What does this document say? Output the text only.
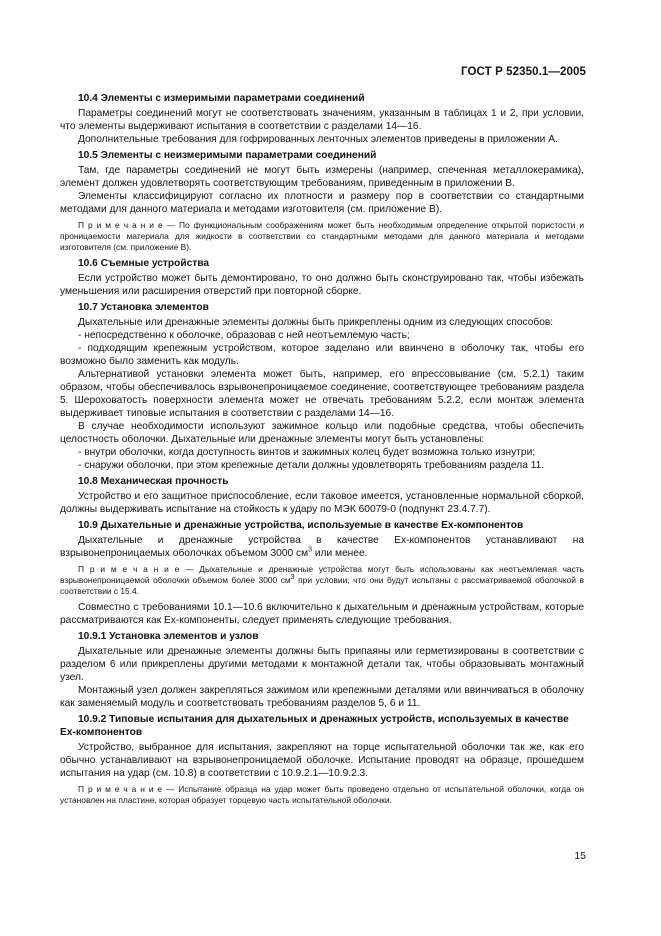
ГОСТ Р 52350.1—2005
10.4 Элементы с измеримыми параметрами соединений

Параметры соединений могут не соответствовать значениям, указанным в таблицах 1 и 2, при условии, что элементы выдерживают испытания в соответствии с разделами 14—16.

Дополнительные требования для гофрированных ленточных элементов приведены в приложении А.

10.5 Элементы с неизмеримыми параметрами соединений

Там, где параметры соединений не могут быть измерены (например, спеченная металлокерамика), элемент должен удовлетворять соответствующим требованиям, приведенным в приложении В.

Элементы классифицируют согласно их плотности и размеру пор в соответствии со стандартными методами для данного материала и методами изготовителя (см. приложение В).

П р и м е ч а н и е — По функциональным соображениям может быть необходимым определение открытой пористости и проницаемости материала для жидкости в соответствии со стандартными методами для данного материала и методами изготовителя (см. приложение В).
10.6 Съемные устройства

Если устройство может быть демонтировано, то оно должно быть сконструировано так, чтобы избежать уменьшения или расширения отверстий при повторной сборке.

10.7 Установка элементов

Дыхательные или дренажные элементы должны быть прикреплены одним из следующих способов:

- непосредственно к оболочке, образовав с ней неотъемлемую часть;

- подходящим крепежным устройством, которое заделано или ввинчено в оболочку так, чтобы его возможно было заменить как модуль.

Альтернативой установки элемента может быть, например, его впрессовывание (см. 5.2.1) таким образом, чтобы обеспечивалось взрывонепроницаемое соединение, соответствующее требованиям раздела 5. Шероховатость поверхности элемента может не отвечать требованиям 5.2.2, если монтаж элемента выдерживает типовые испытания в соответствии с разделами 14—16.

В случае необходимости используют зажимное кольцо или подобные средства, чтобы обеспечить целостность оболочки. Дыхательные или дренажные элементы могут быть установлены:

- внутри оболочки, когда доступность винтов и зажимных колец будет возможна только изнутри;

- снаружи оболочки, при этом крепежные детали должны удовлетворять требованиям раздела 11.

10.8 Механическая прочность

Устройство и его защитное приспособление, если таковое имеется, установленные нормальной сборкой, должны выдерживать испытание на стойкость к удару по МЭК 60079-0 (подпункт 23.4.7.7).

10.9 Дыхательные и дренажные устройства, используемые в качестве Ex-компонентов

Дыхательные и дренажные устройства в качестве Ex-компонентов устанавливают на взрывонепроницаемых оболочках объемом 3000 $см^3$ или менее.

П р и м е ч а н и е — Дыхательные и дренажные устройства могут быть использованы как неотъемлемая часть взрывонепроницаемой оболочки объемом более 3000 $см^3$ при условии, что они будут испытаны с рассматриваемой оболочкой в соответствии с 15.4.

Совместно с требованиями 10.1—10.6 включительно к дыхательным и дренажным устройствам, которые рассматриваются как Ex-компоненты, следует применять следующие требования.

10.9.1 Установка элементов и узлов

Дыхательные или дренажные элементы должны быть припаяны или герметизированы в соответствии с разделом 6 или прикреплены другими методами к монтажной детали так, чтобы образовывать монтажный узел.

Монтажный узел должен закрепляться зажимом или крепежными деталями или ввинчиваться в оболочку как заменяемый модуль и соответствовать требованиям разделов 5, 6 и 11.

10.9.2 Типовые испытания для дыхательных и дренажных устройств, используемых в качестве Ex-компонентов

Устройство, выбранное для испытания, закрепляют на торце испытательной оболочки так же, как его обычно устанавливают на взрывонепроницаемой оболочке. Испытание проводят на образце, прошедшем испытания на удар (см. 10.8) в соответствии с 10.9.2.1—10.9.2.3.

П р и м е ч а н и е — Испытание образца на удар может быть проведено отдельно от испытательной оболочки, когда он установлен на пластине, которая образует торцевую часть испытательной оболочки.
15
